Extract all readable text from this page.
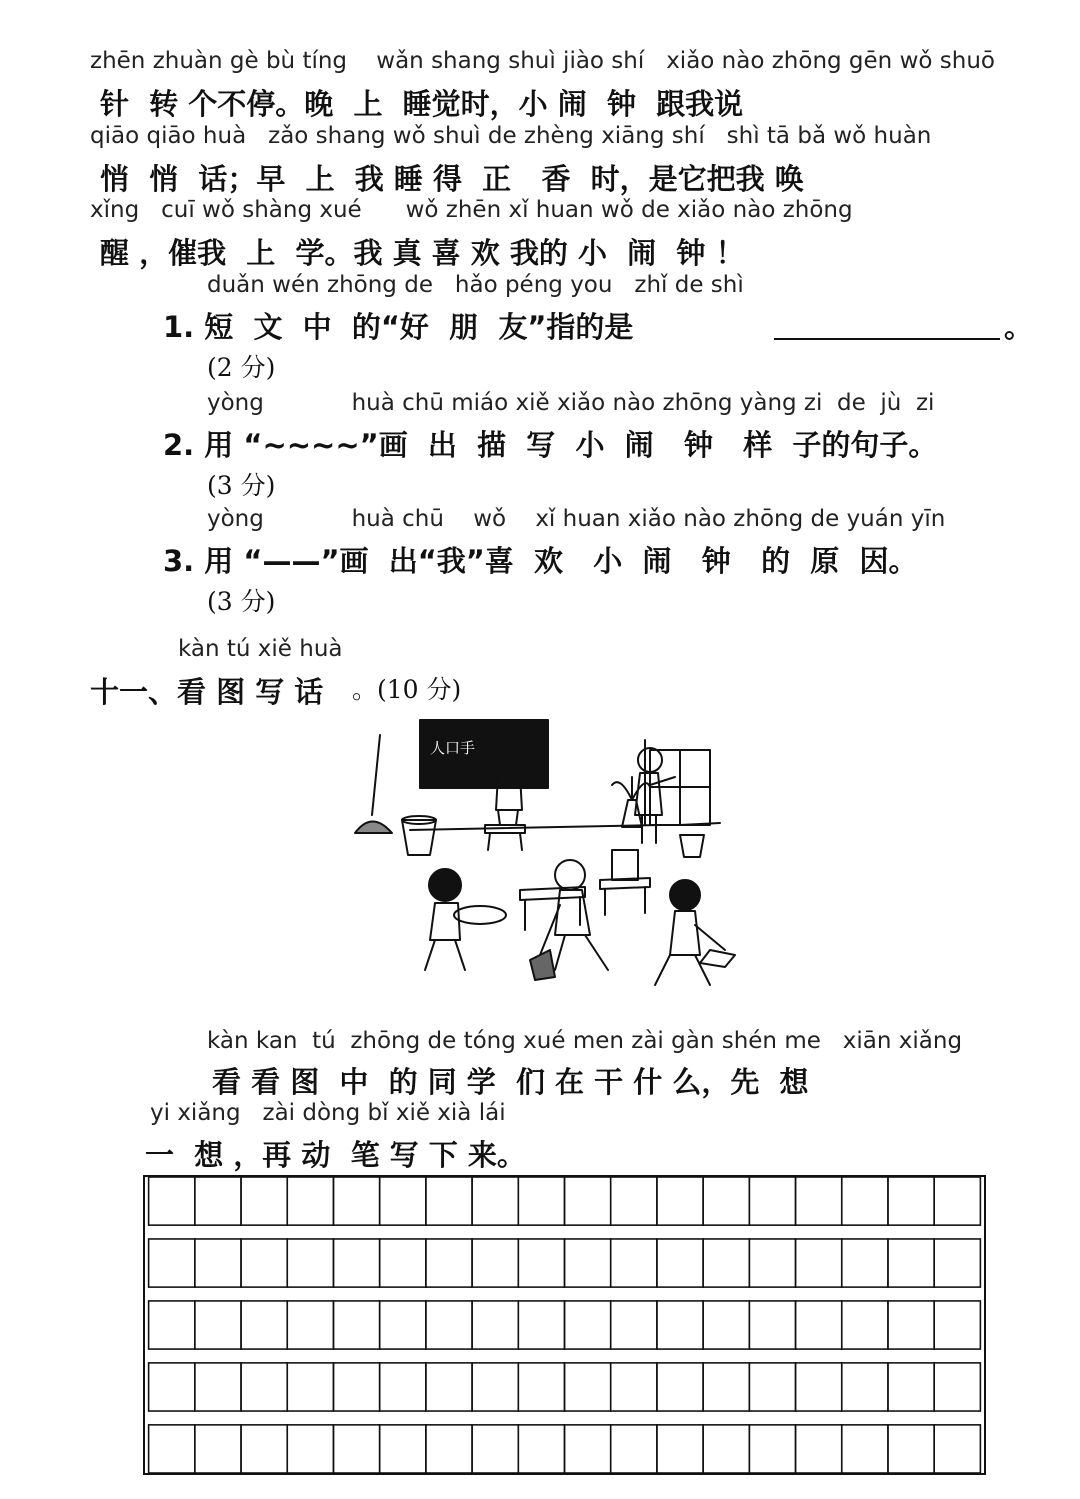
zhēn zhuàn gè bù tíng    wǎn shang shuì jiào shí   xiǎo nào zhōng gēn wǒ shuō
针  转 个不停。晚  上  睡觉时，小 闹  钟  跟我说
qiāo qiāo huà   zǎo shang wǒ shuì de zhèng xiāng shí   shì tā bǎ wǒ huàn
悄  悄  话；早  上  我 睡 得  正   香  时，是它把我 唤
xǐng   cuī wǒ shàng xué      wǒ zhēn xǐ huan wǒ de xiǎo nào zhōng
醒 ，催我  上  学。我 真 喜 欢 我的 小  闹  钟 ！
duǎn wén zhōng de   hǎo péng you   zhǐ de shì
1. 短  文  中  的“好  朋  友”指的是	。
(2 分)
yòng            huà chū miáo xiě xiǎo nào zhōng yàng zi  de  jù  zi
2. 用 “~~~~”画  出  描  写  小  闹   钟   样  子的句子。
(3 分)
yòng            huà chū    wǒ    xǐ huan xiǎo nào zhōng de yuán yīn
3. 用 “——”画  出“我”喜  欢   小  闹   钟   的  原  因。
(3 分)
kàn tú xiě huà
十一、看 图 写 话 。(10 分)
人口手
kàn kan  tú  zhōng de tóng xué men zài gàn shén me   xiān xiǎng
看 看 图  中  的 同 学  们 在 干 什 么，先  想
yi xiǎng   zài dòng bǐ xiě xià lái
一  想 ，再 动  笔 写 下 来。
